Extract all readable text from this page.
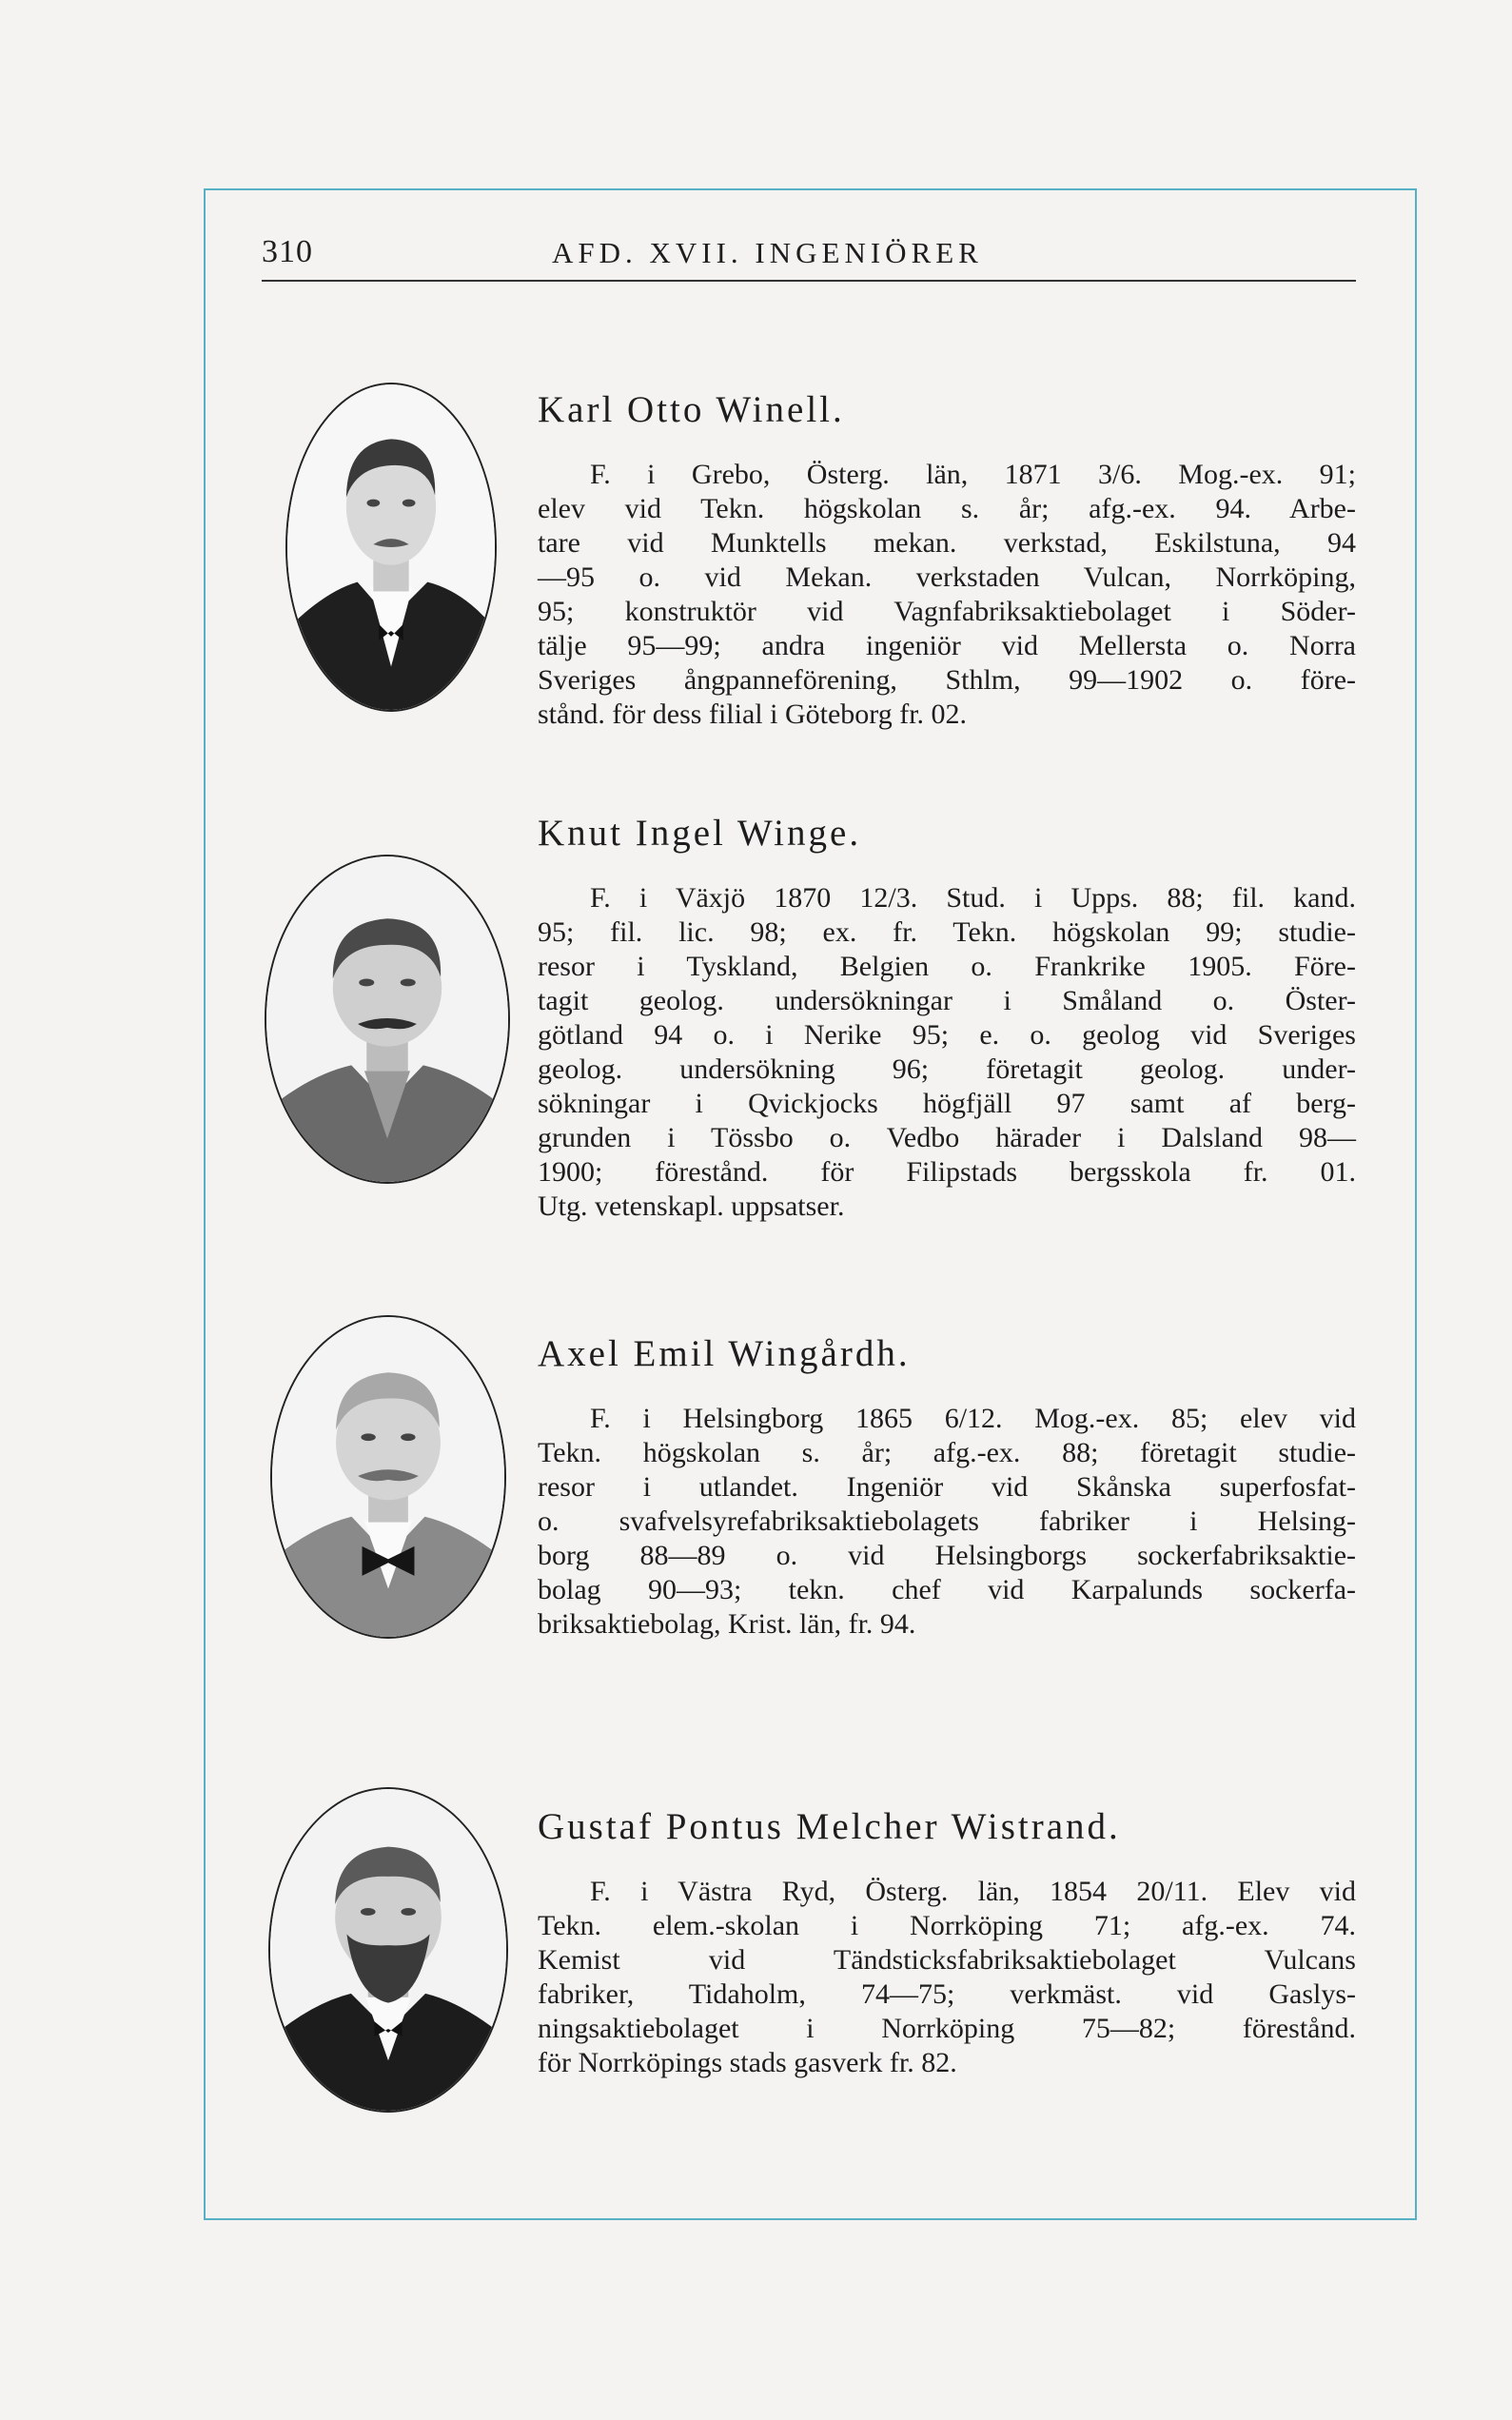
310	AFD. XVII. INGENIÖRER
Karl Otto Winell.
F. i Grebo, Österg. län, 1871 3/6. Mog.-ex. 91;
elev vid Tekn. högskolan s. år; afg.-ex. 94. Arbe-
tare vid Munktells mekan. verkstad, Eskilstuna, 94
—95 o. vid Mekan. verkstaden Vulcan, Norrköping,
95; konstruktör vid Vagnfabriksaktiebolaget i Söder-
tälje 95—99; andra ingeniör vid Mellersta o. Norra
Sveriges ångpanneförening, Sthlm, 99—1902 o. före-
stånd. för dess filial i Göteborg fr. 02.
Knut Ingel Winge.
F. i Växjö 1870 12/3. Stud. i Upps. 88; fil. kand.
95; fil. lic. 98; ex. fr. Tekn. högskolan 99; studie-
resor i Tyskland, Belgien o. Frankrike 1905. Före-
tagit geolog. undersökningar i Småland o. Öster-
götland 94 o. i Nerike 95; e. o. geolog vid Sveriges
geolog. undersökning 96; företagit geolog. under-
sökningar i Qvickjocks högfjäll 97 samt af berg-
grunden i Tössbo o. Vedbo härader i Dalsland 98—
1900; förestånd. för Filipstads bergsskola fr. 01.
Utg. vetenskapl. uppsatser.
Axel Emil Wingårdh.
F. i Helsingborg 1865 6/12. Mog.-ex. 85; elev vid
Tekn. högskolan s. år; afg.-ex. 88; företagit studie-
resor i utlandet. Ingeniör vid Skånska superfosfat-
o. svafvelsyrefabriksaktiebolagets fabriker i Helsing-
borg 88—89 o. vid Helsingborgs sockerfabriksaktie-
bolag 90—93; tekn. chef vid Karpalunds sockerfa-
briksaktiebolag, Krist. län, fr. 94.
Gustaf Pontus Melcher Wistrand.
F. i Västra Ryd, Österg. län, 1854 20/11. Elev vid
Tekn. elem.-skolan i Norrköping 71; afg.-ex. 74.
Kemist vid Tändsticksfabriksaktiebolaget Vulcans
fabriker, Tidaholm, 74—75; verkmäst. vid Gaslys-
ningsaktiebolaget i Norrköping 75—82; förestånd.
för Norrköpings stads gasverk fr. 82.
